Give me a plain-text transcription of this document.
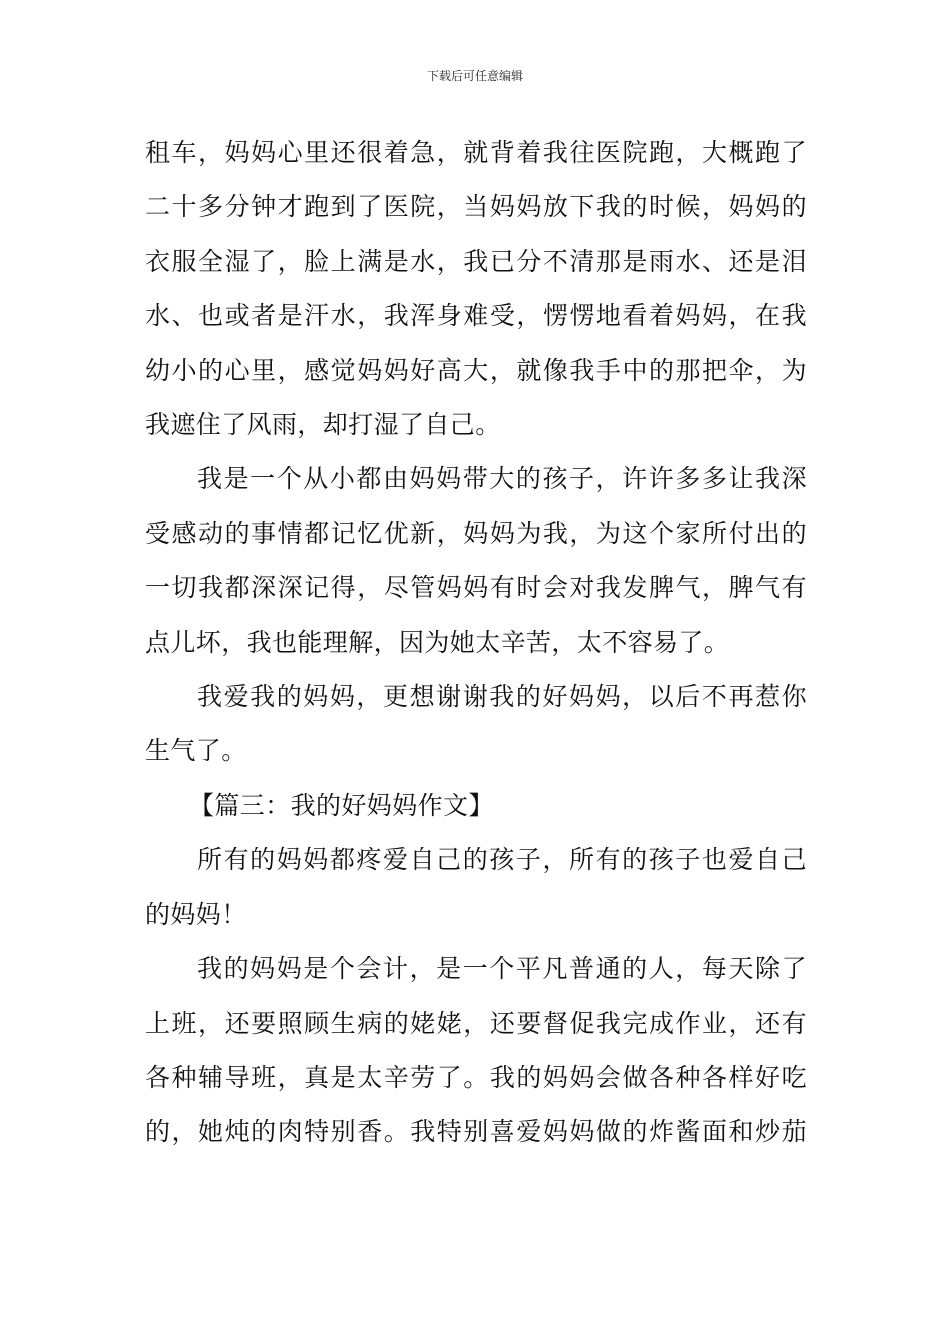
下载后可任意编辑

租车，妈妈心里还很着急，就背着我往医院跑，大概跑了
二十多分钟才跑到了医院，当妈妈放下我的时候，妈妈的
衣服全湿了，脸上满是水，我已分不清那是雨水、还是泪
水、也或者是汗水，我浑身难受，愣愣地看着妈妈，在我
幼小的心里，感觉妈妈好高大，就像我手中的那把伞，为
我遮住了风雨，却打湿了自己。

我是一个从小都由妈妈带大的孩子，许许多多让我深
受感动的事情都记忆优新，妈妈为我，为这个家所付出的
一切我都深深记得，尽管妈妈有时会对我发脾气，脾气有
点儿坏，我也能理解，因为她太辛苦，太不容易了。

我爱我的妈妈，更想谢谢我的好妈妈，以后不再惹你
生气了。

【篇三：我的好妈妈作文】

所有的妈妈都疼爱自己的孩子，所有的孩子也爱自己
的妈妈！

我的妈妈是个会计，是一个平凡普通的人，每天除了
上班，还要照顾生病的姥姥，还要督促我完成作业，还有
各种辅导班，真是太辛劳了。我的妈妈会做各种各样好吃
的，她炖的肉特别香。我特别喜爱妈妈做的炸酱面和炒茄
